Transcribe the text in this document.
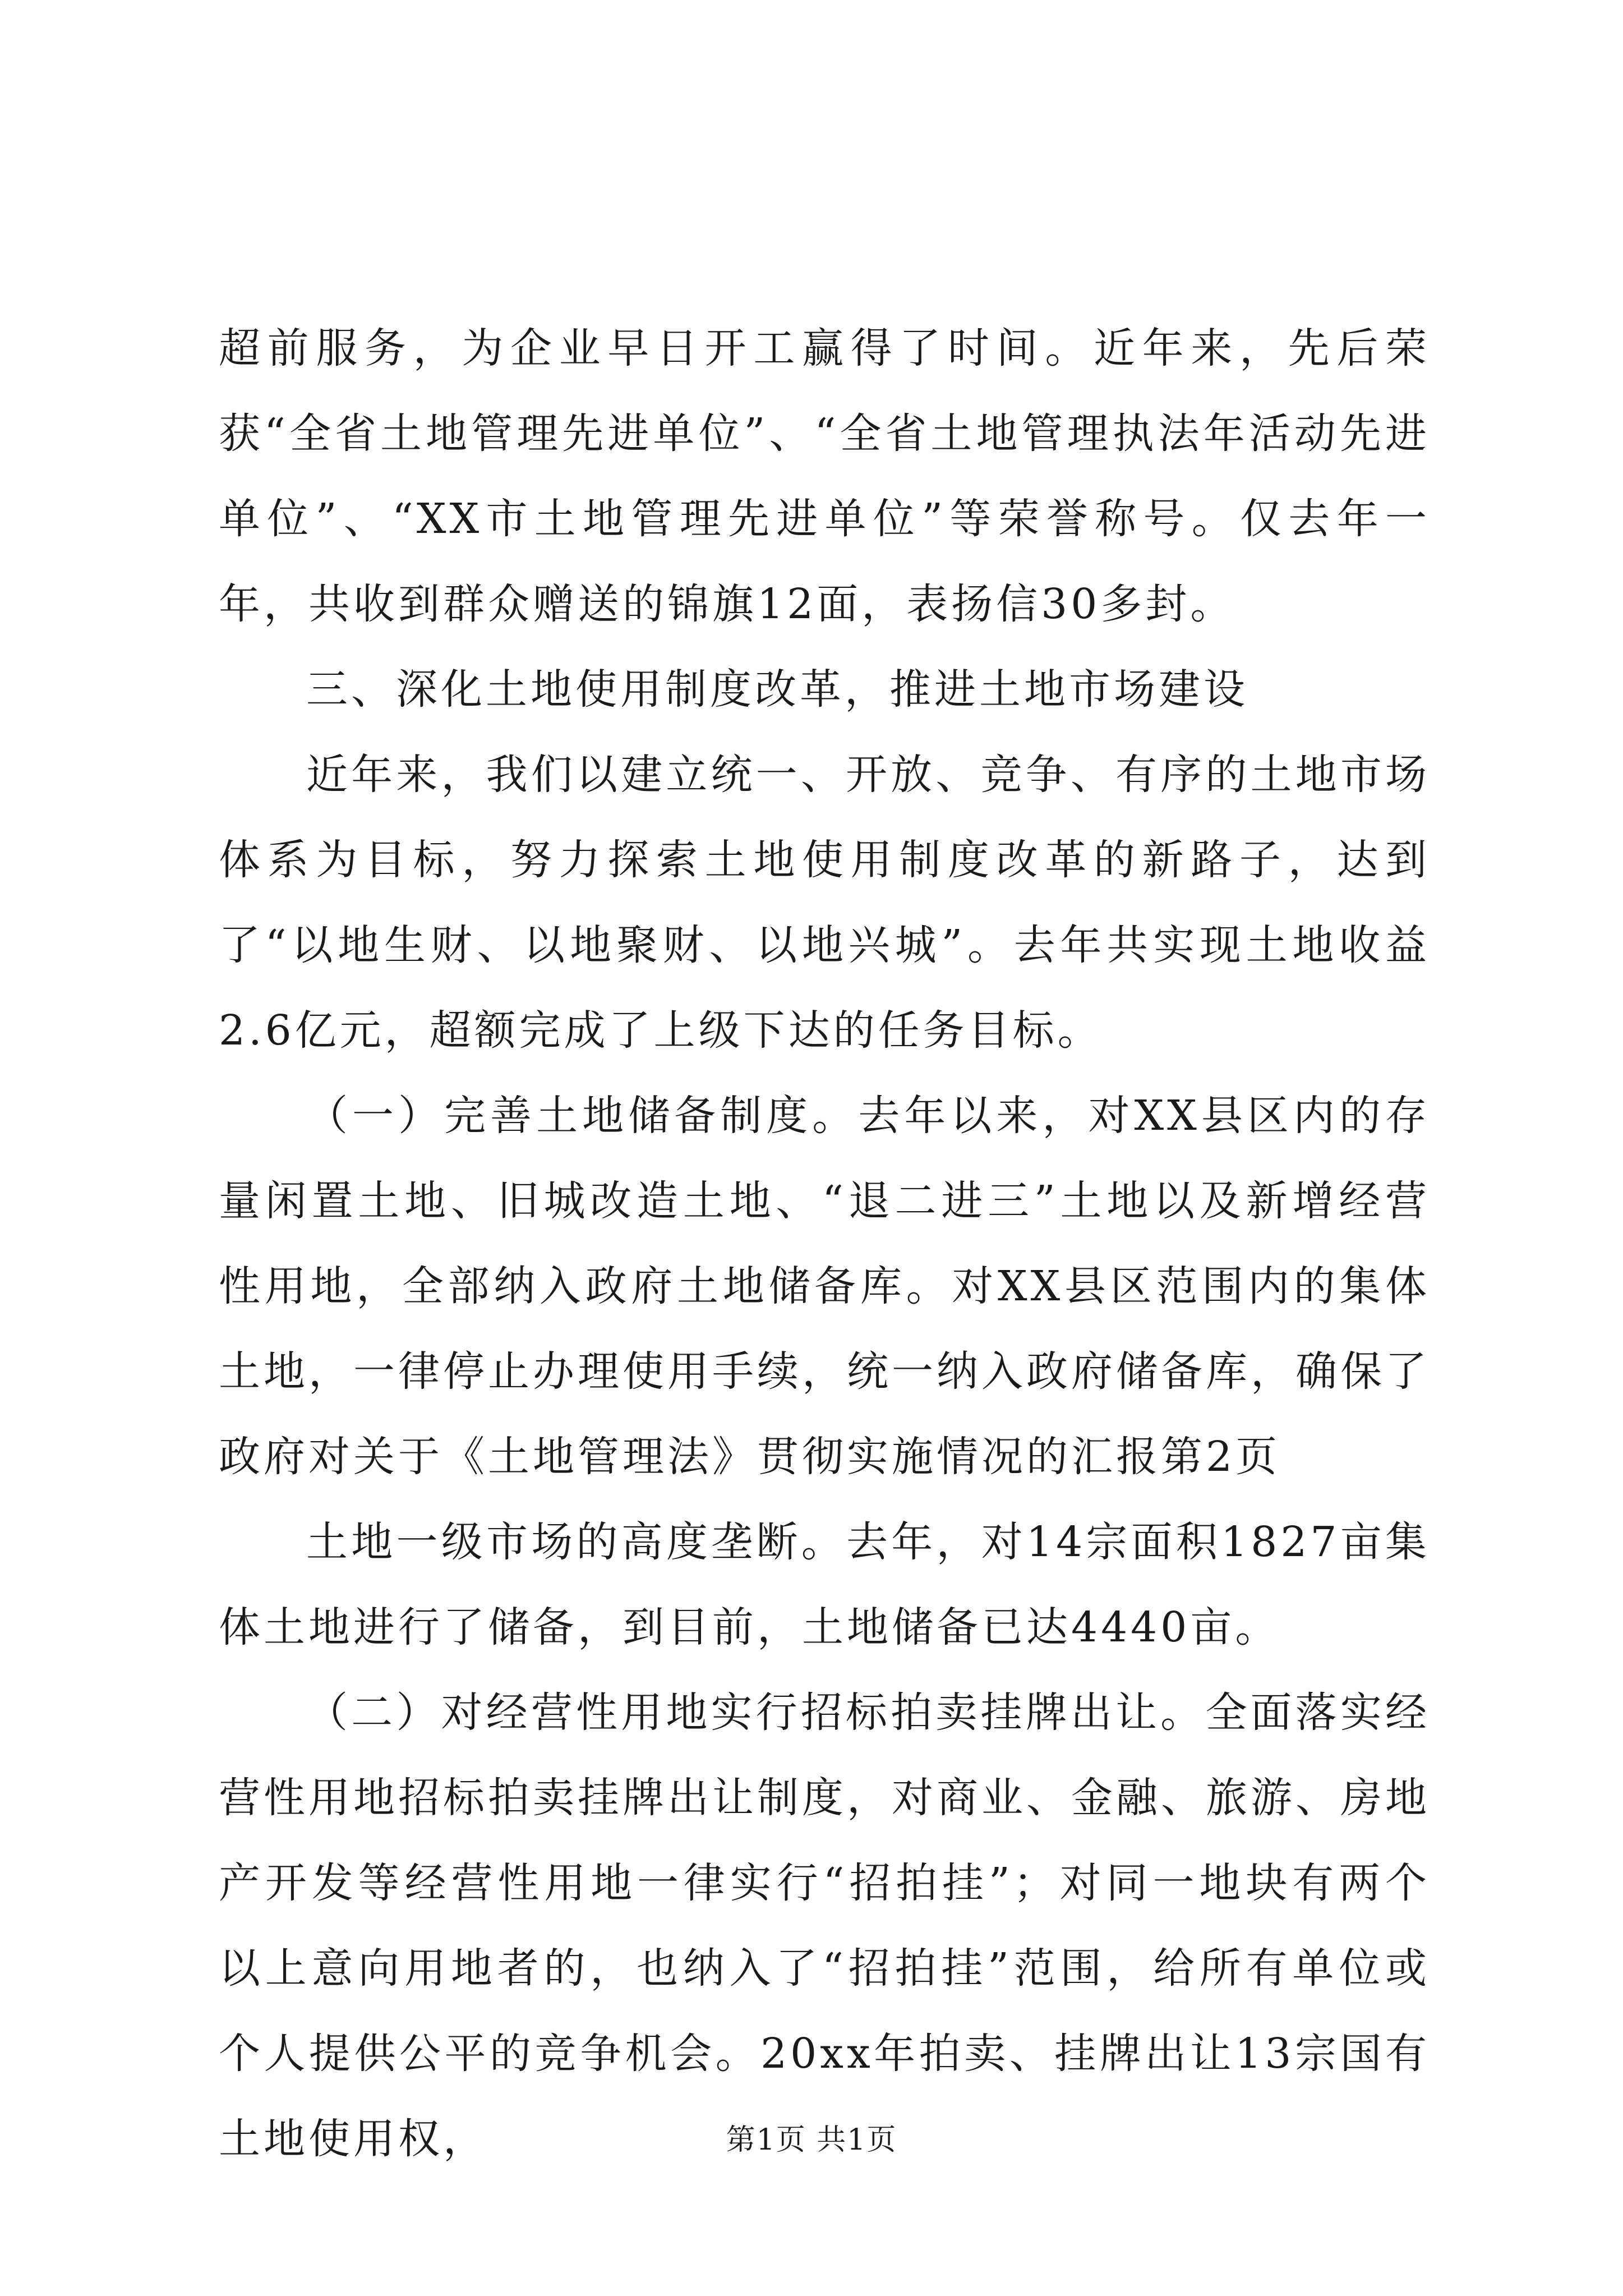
超前服务，为企业早日开工赢得了时间。近年来，先后荣获“全省土地管理先进单位”、“全省土地管理执法年活动先进单位”、“XX市土地管理先进单位”等荣誉称号。仅去年一年，共收到群众赠送的锦旗12面，表扬信30多封。

三、深化土地使用制度改革，推进土地市场建设

近年来，我们以建立统一、开放、竞争、有序的土地市场体系为目标，努力探索土地使用制度改革的新路子，达到了“以地生财、以地聚财、以地兴城”。去年共实现土地收益2.6亿元，超额完成了上级下达的任务目标。

（一）完善土地储备制度。去年以来，对XX县区内的存量闲置土地、旧城改造土地、“退二进三”土地以及新增经营性用地，全部纳入政府土地储备库。对XX县区范围内的集体土地，一律停止办理使用手续，统一纳入政府储备库，确保了政府对关于《土地管理法》贯彻实施情况的汇报第2页

土地一级市场的高度垄断。去年，对14宗面积1827亩集体土地进行了储备，到目前，土地储备已达4440亩。

（二）对经营性用地实行招标拍卖挂牌出让。全面落实经营性用地招标拍卖挂牌出让制度，对商业、金融、旅游、房地产开发等经营性用地一律实行“招拍挂”；对同一地块有两个以上意向用地者的，也纳入了“招拍挂”范围，给所有单位或个人提供公平的竞争机会。20xx年拍卖、挂牌出让13宗国有土地使用权，	第1页 共1页
